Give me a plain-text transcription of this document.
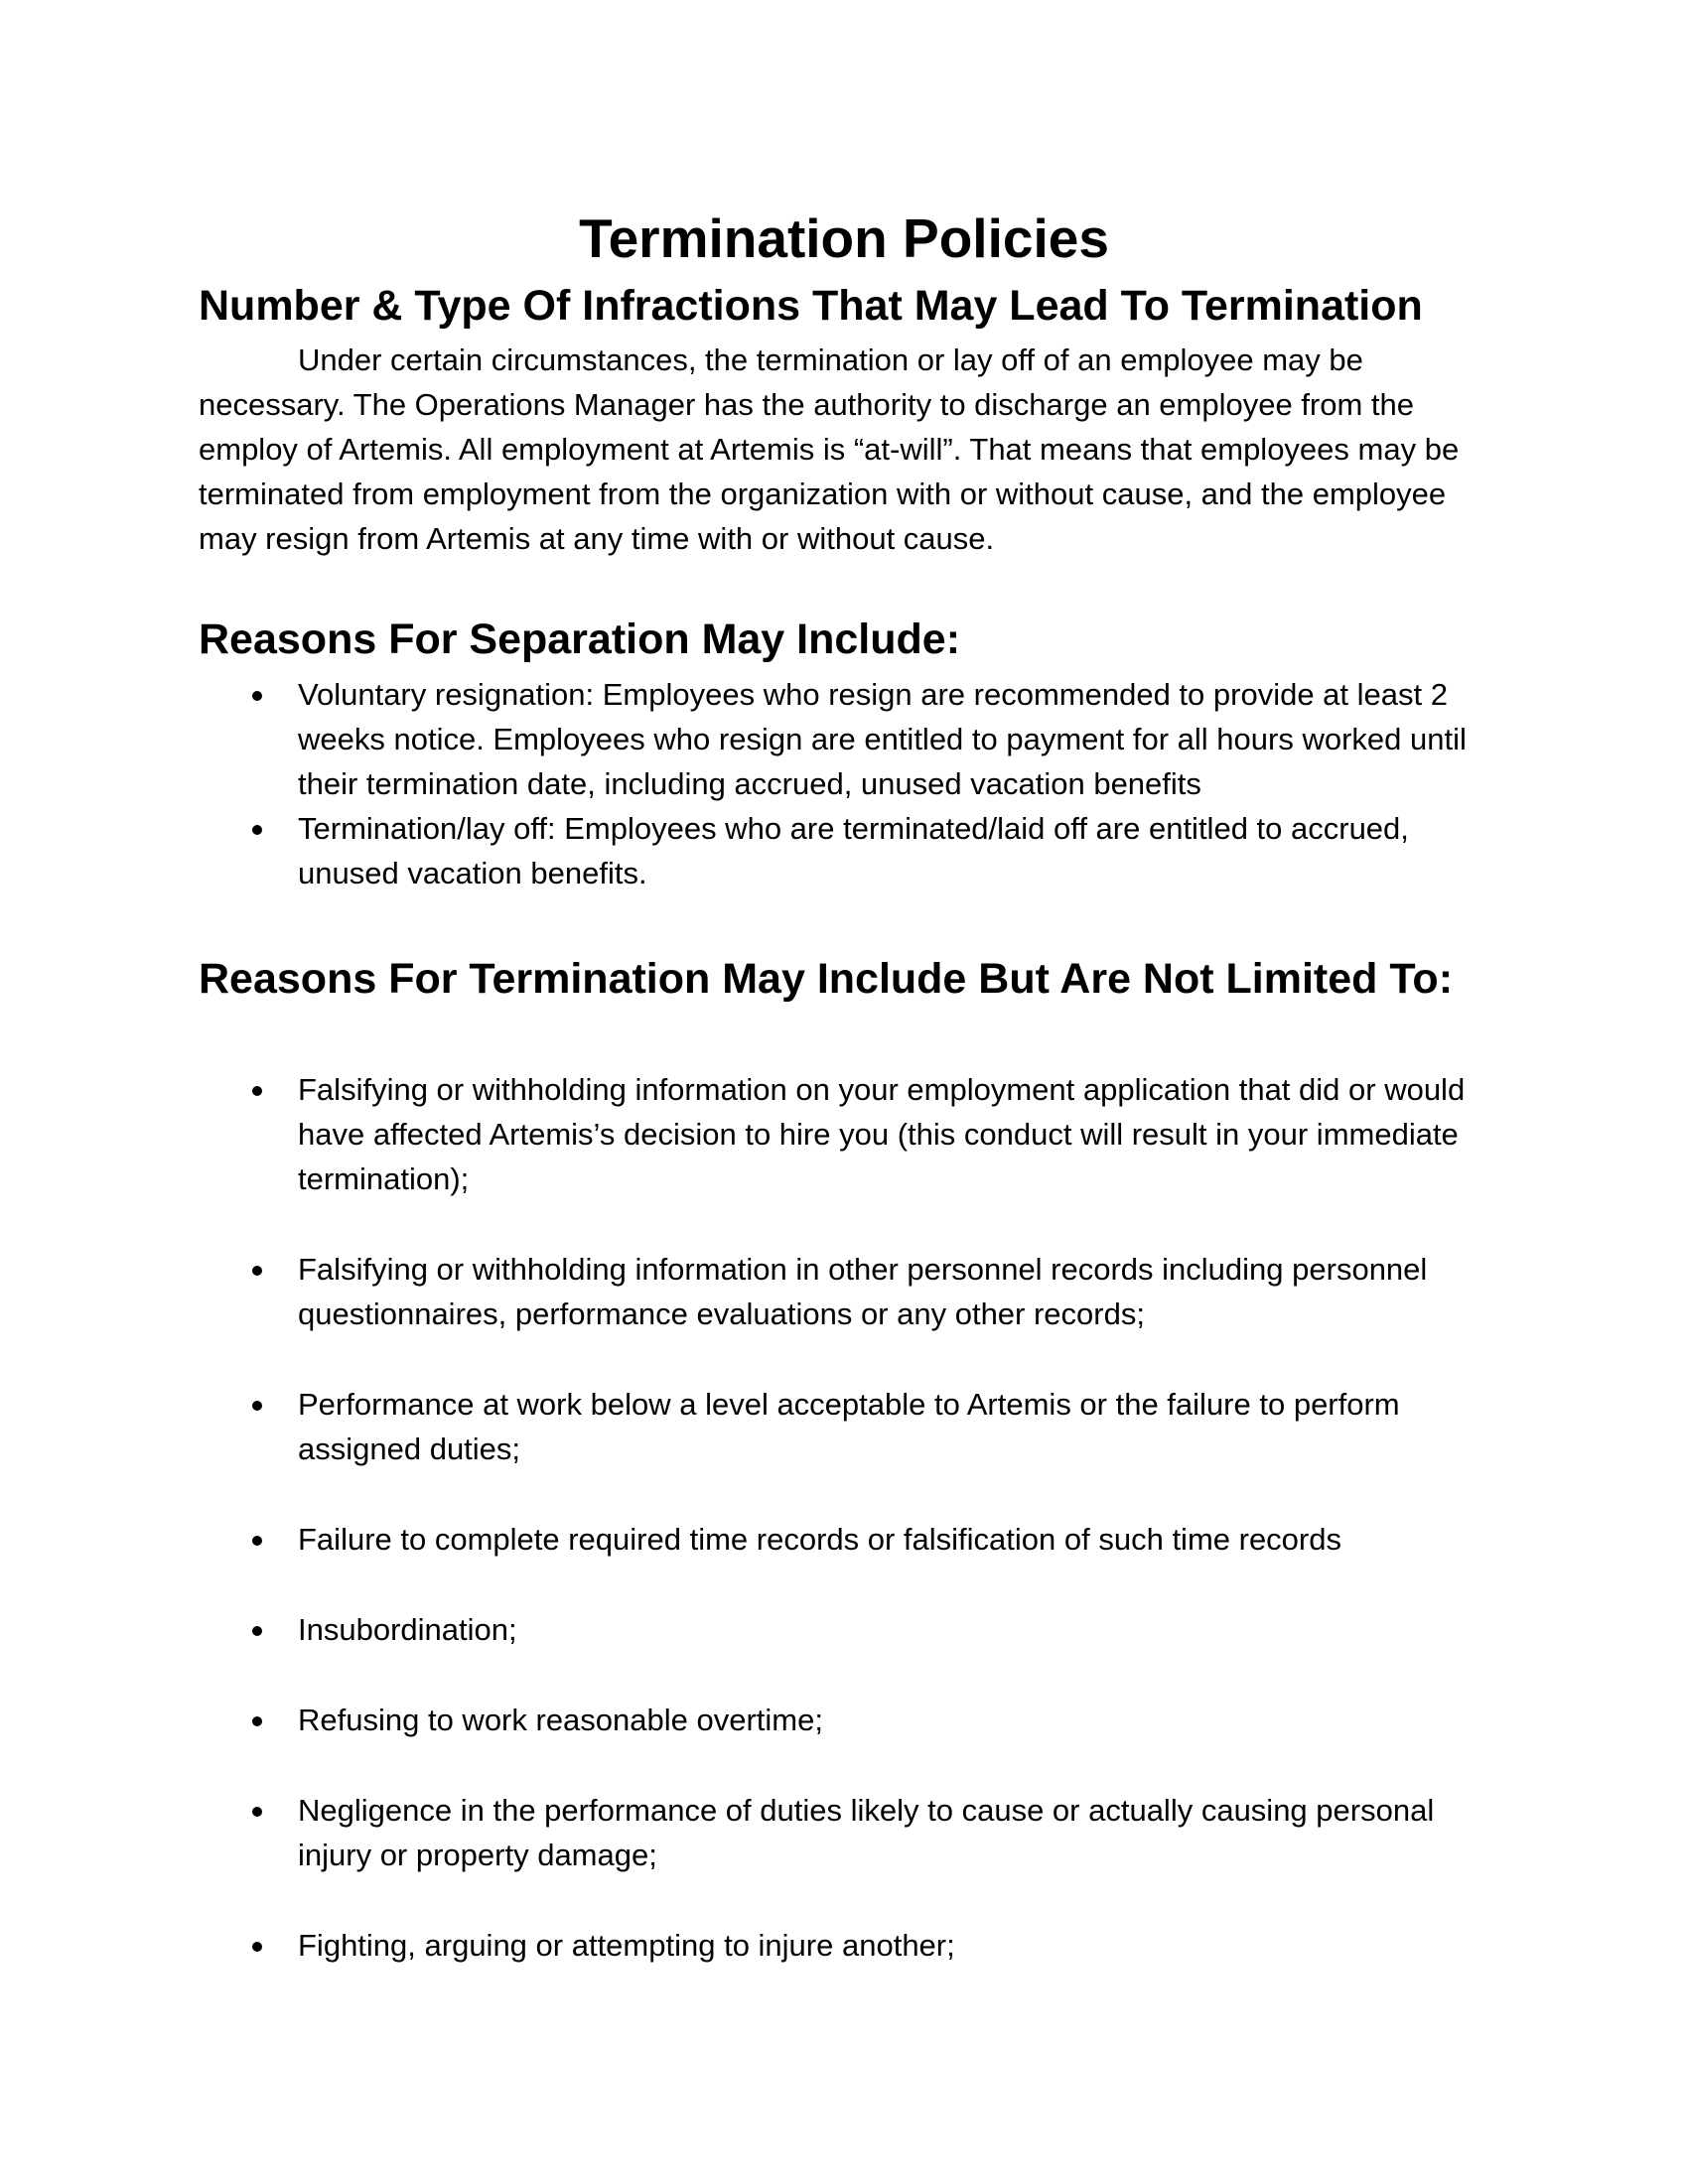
Termination Policies
Number & Type Of Infractions That May Lead To Termination

Under certain circumstances, the termination or lay off of an employee may be necessary. The Operations Manager has the authority to discharge an employee from the employ of Artemis. All employment at Artemis is “at-will”. That means that employees may be terminated from employment from the organization with or without cause, and the employee may resign from Artemis at any time with or without cause.

Reasons For Separation May Include:
Voluntary resignation: Employees who resign are recommended to provide at least 2 weeks notice. Employees who resign are entitled to payment for all hours worked until their termination date, including accrued, unused vacation benefits
Termination/lay off: Employees who are terminated/laid off are entitled to accrued, unused vacation benefits.
Reasons For Termination May Include But Are Not Limited To:
Falsifying or withholding information on your employment application that did or would have affected Artemis’s decision to hire you (this conduct will result in your immediate termination);
Falsifying or withholding information in other personnel records including personnel questionnaires, performance evaluations or any other records;
Performance at work below a level acceptable to Artemis or the failure to perform assigned duties;
Failure to complete required time records or falsification of such time records
Insubordination;
Refusing to work reasonable overtime;
Negligence in the performance of duties likely to cause or actually causing personal injury or property damage;
Fighting, arguing or attempting to injure another;
